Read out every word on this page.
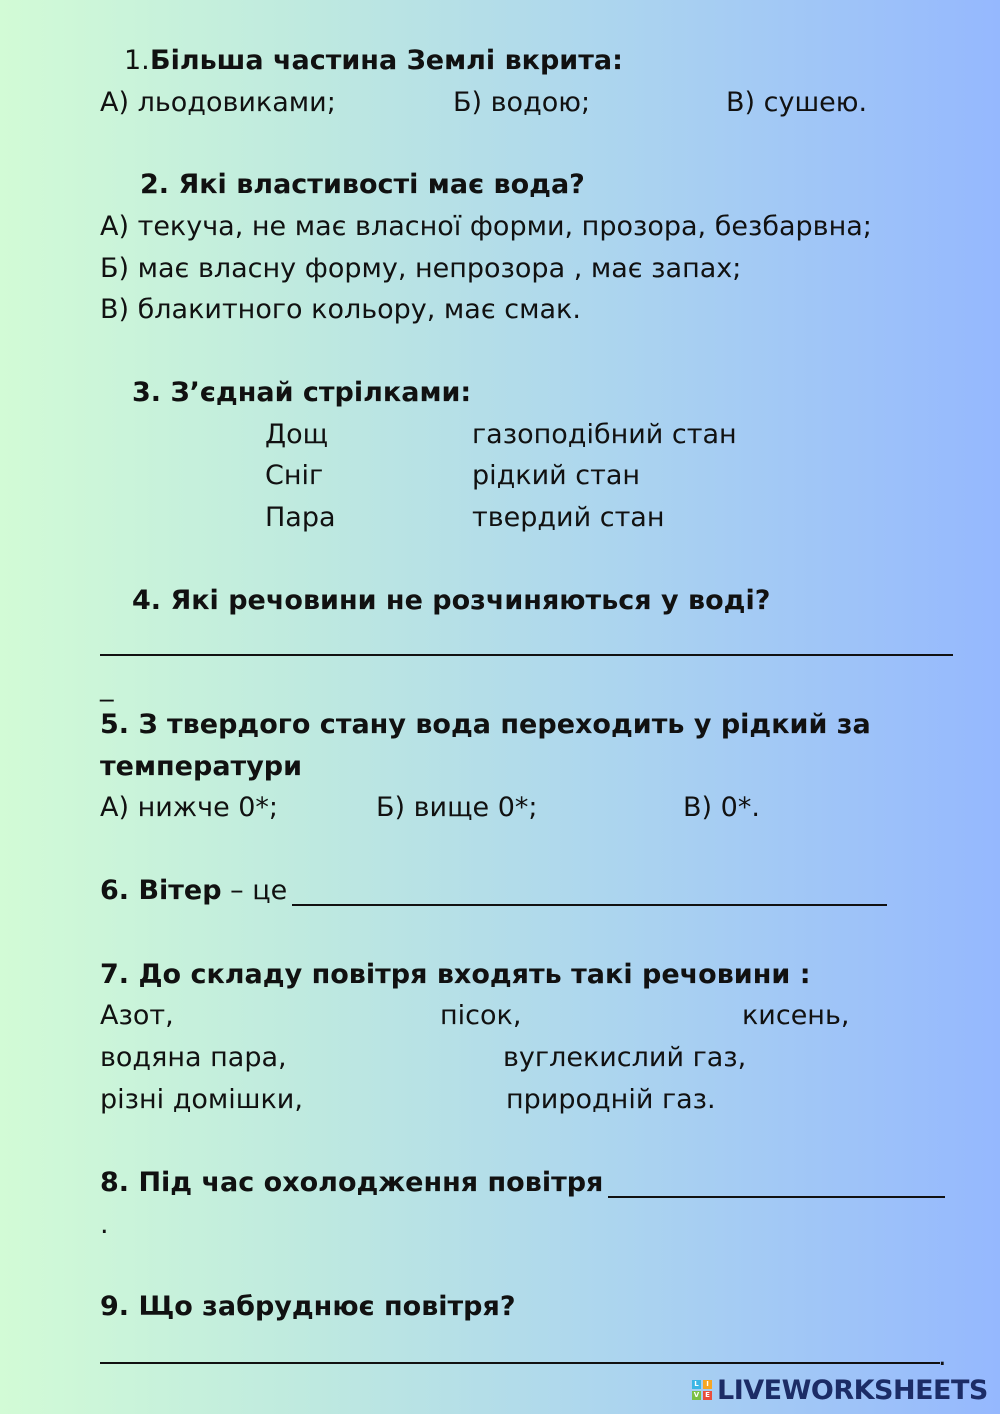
1. Більша частина Землі вкрита:
А) льодовиками;	Б) водою;	В) сушею.
2. Які властивості має вода?
А) текуча, не має власної форми, прозора, безбарвна;
Б) має власну форму, непрозора , має запах;
В) блакитного кольору, має смак.
3. З’єднай стрілками:
Дощ	газоподібний стан
Сніг	рідкий стан
Пара	твердий стан
4. Які речовини не розчиняються у воді?
_
5. З твердого стану вода переходить у рідкий за
температури
А) нижче 0*;	Б) вище 0*;	В) 0*.
6. Вітер – це
7. До складу повітря входять такі речовини :
Азот,	пісок,	кисень,
водяна пара,	вуглекислий газ,
різні домішки,	природній газ.
8. Під час охолодження повітря
.
9. Що забруднює повітря?
.
L	I
V E LIVEWORKSHEETS
